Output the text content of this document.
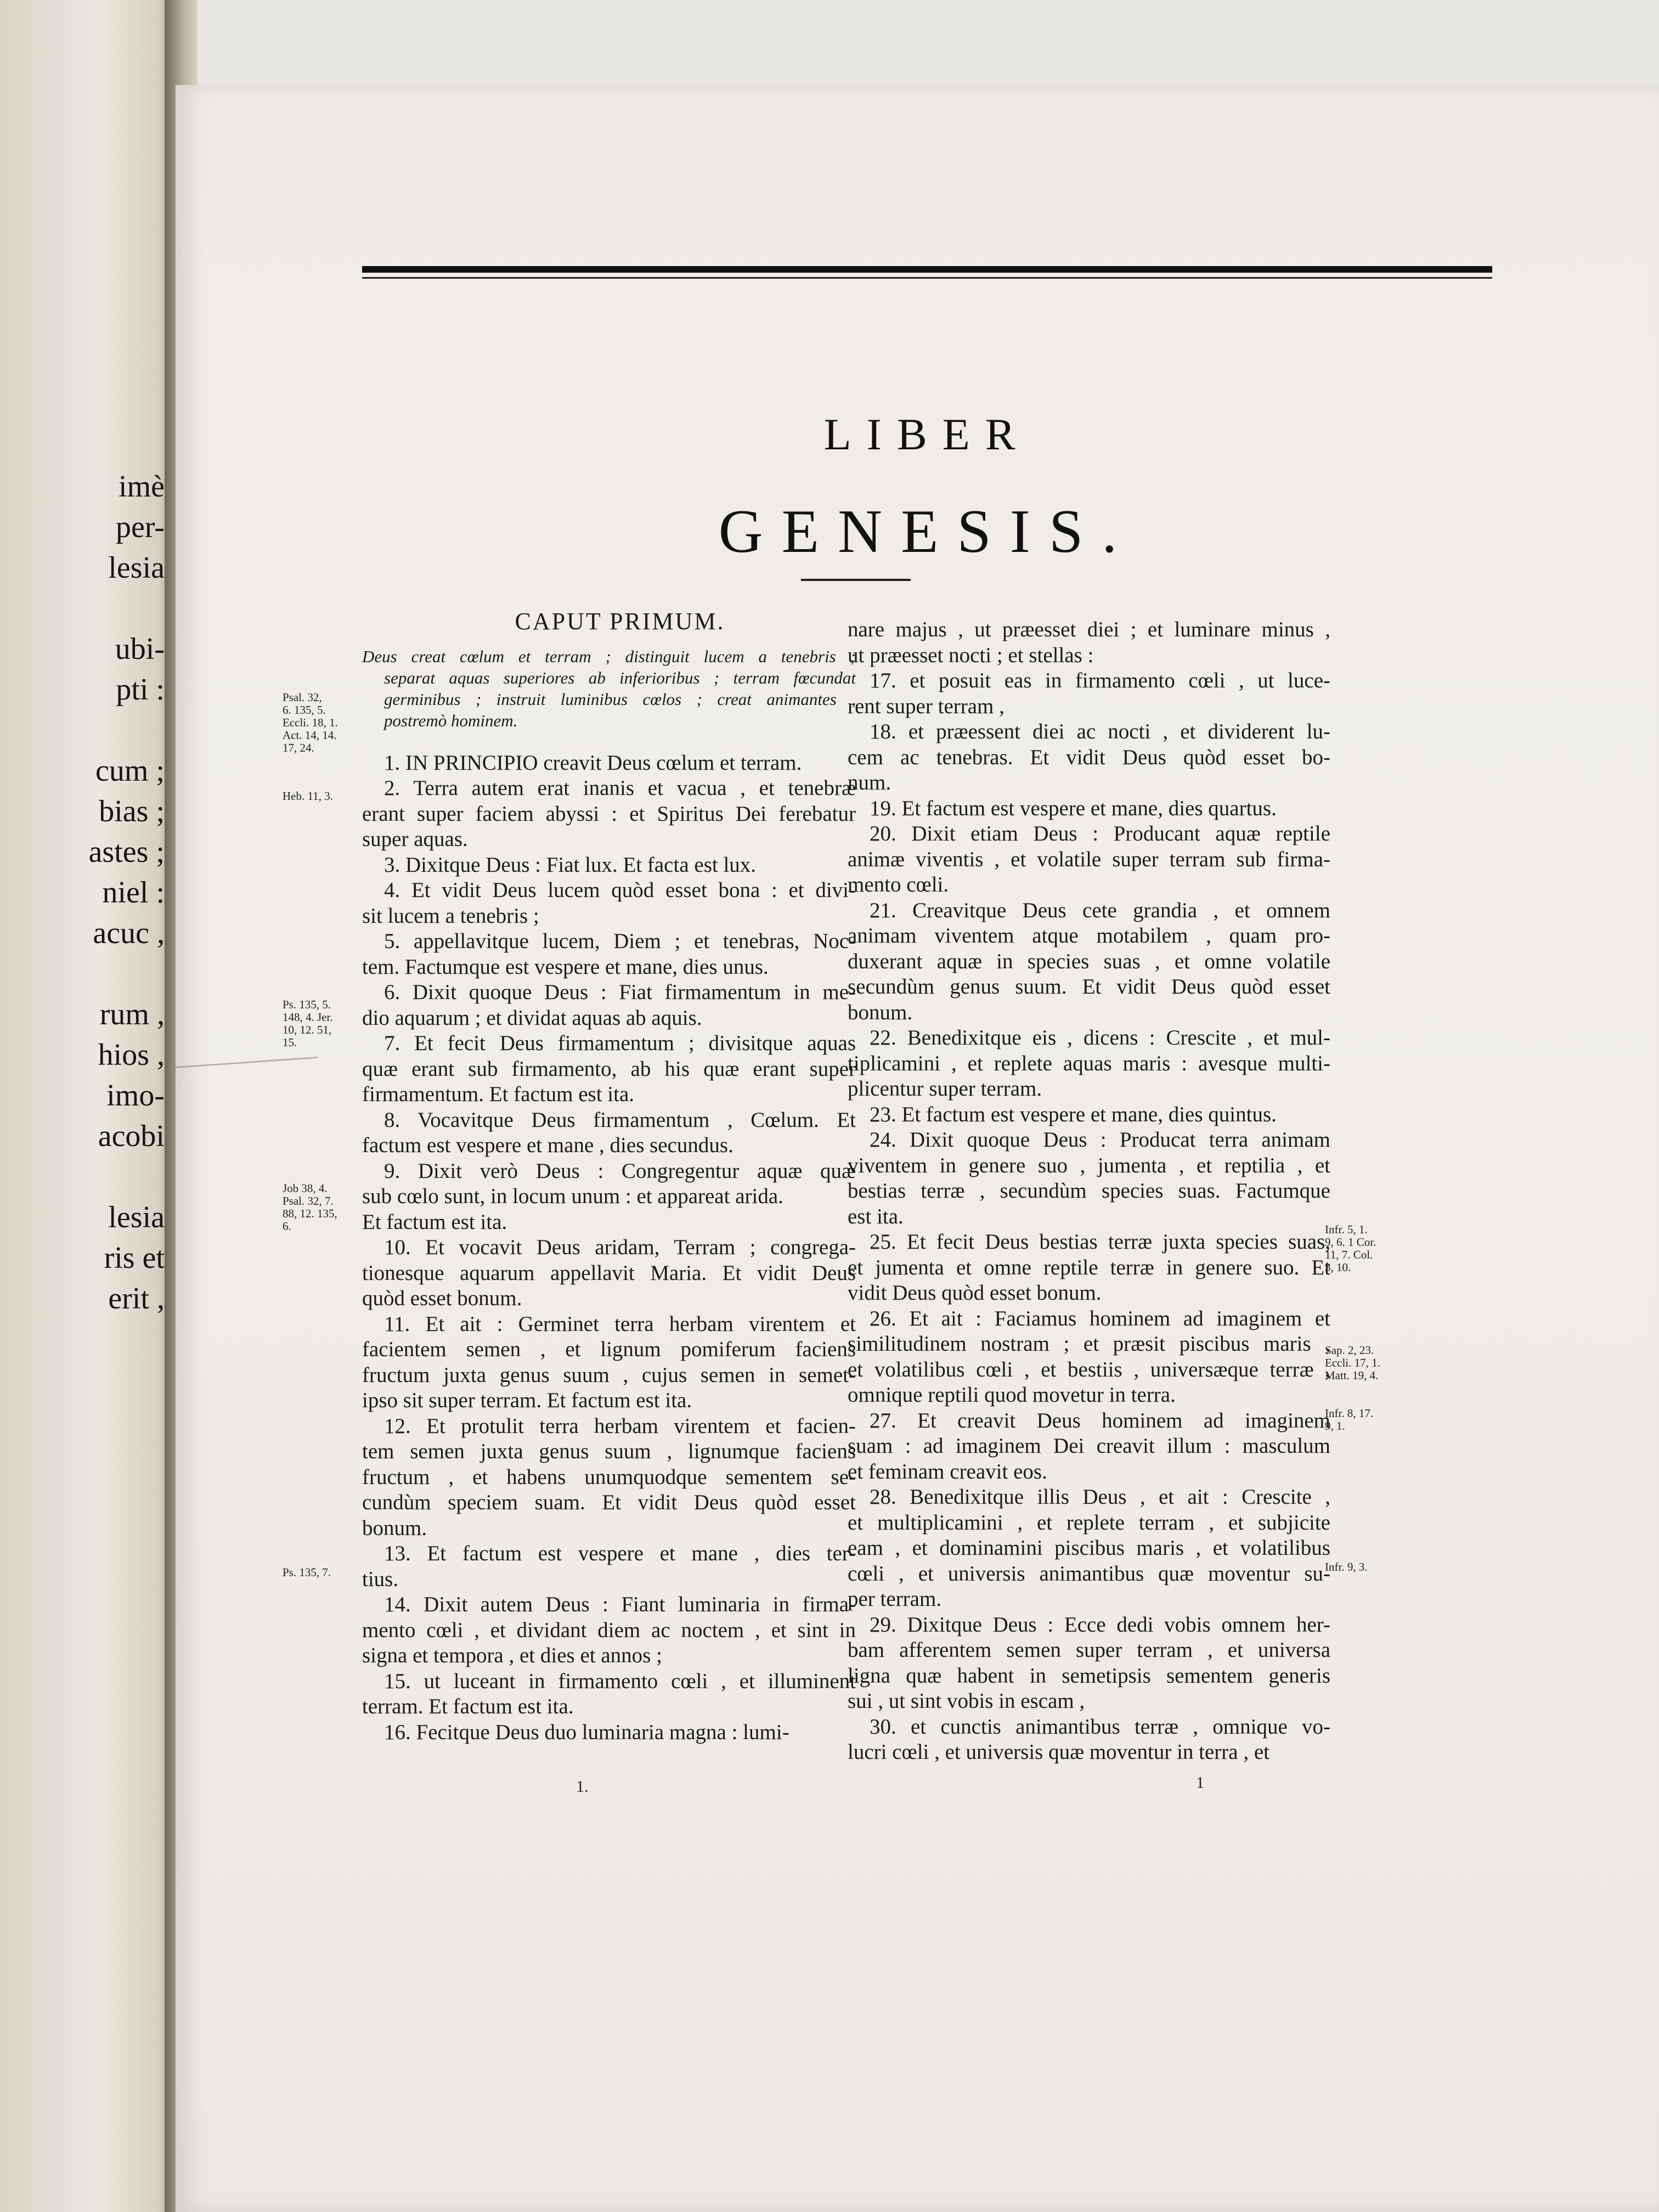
imè
per-
lesia

ubi-
pti :

cum ;
bias ;
astes ;
niel :
acuc ,

rum ,
hios ,
imo-
acobi

lesia
ris et
erit ,
LIBER
GENESIS.
CAPUT PRIMUM.
Deus creat cœlum et terram ; distinguit lucem a tenebris ;
separat aquas superiores ab inferioribus ; terram fœcundat
germinibus ; instruit luminibus cœlos ; creat animantes ,
postremò hominem.
1. IN PRINCIPIO creavit Deus cœlum et terram.
2. Terra autem erat inanis et vacua , et tenebræ
erant super faciem abyssi : et Spiritus Dei ferebatur
super aquas.
3. Dixitque Deus : Fiat lux. Et facta est lux.
4. Et vidit Deus lucem quòd esset bona : et divi-
sit lucem a tenebris ;
5. appellavitque lucem, Diem ; et tenebras, Noc-
tem. Factumque est vespere et mane, dies unus.
6. Dixit quoque Deus : Fiat firmamentum in me-
dio aquarum ; et dividat aquas ab aquis.
7. Et fecit Deus firmamentum ; divisitque aquas
quæ erant sub firmamento, ab his quæ erant super
firmamentum. Et factum est ita.
8. Vocavitque Deus firmamentum , Cœlum. Et
factum est vespere et mane , dies secundus.
9. Dixit verò Deus : Congregentur aquæ quæ
sub cœlo sunt, in locum unum : et appareat arida.
Et factum est ita.
10. Et vocavit Deus aridam, Terram ; congrega-
tionesque aquarum appellavit Maria. Et vidit Deus
quòd esset bonum.
11. Et ait : Germinet terra herbam virentem et
facientem semen , et lignum pomiferum faciens
fructum juxta genus suum , cujus semen in semet-
ipso sit super terram. Et factum est ita.
12. Et protulit terra herbam virentem et facien-
tem semen juxta genus suum , lignumque faciens
fructum , et habens unumquodque sementem se-
cundùm speciem suam. Et vidit Deus quòd esset
bonum.
13. Et factum est vespere et mane , dies ter-
tius.
14. Dixit autem Deus : Fiant luminaria in firma-
mento cœli , et dividant diem ac noctem , et sint in
signa et tempora , et dies et annos ;
15. ut luceant in firmamento cœli , et illuminent
terram. Et factum est ita.
16. Fecitque Deus duo luminaria magna : lumi-
nare majus , ut præesset diei ; et luminare minus ,
ut præesset nocti ; et stellas :
17. et posuit eas in firmamento cœli , ut luce-
rent super terram ,
18. et præessent diei ac nocti , et dividerent lu-
cem ac tenebras. Et vidit Deus quòd esset bo-
num.
19. Et factum est vespere et mane, dies quartus.
20. Dixit etiam Deus : Producant aquæ reptile
animæ viventis , et volatile super terram sub firma-
mento cœli.
21. Creavitque Deus cete grandia , et omnem
animam viventem atque motabilem , quam pro-
duxerant aquæ in species suas , et omne volatile
secundùm genus suum. Et vidit Deus quòd esset
bonum.
22. Benedixitque eis , dicens : Crescite , et mul-
tiplicamini , et replete aquas maris : avesque multi-
plicentur super terram.
23. Et factum est vespere et mane, dies quintus.
24. Dixit quoque Deus : Producat terra animam
viventem in genere suo , jumenta , et reptilia , et
bestias terræ , secundùm species suas. Factumque
est ita.
25. Et fecit Deus bestias terræ juxta species suas,
et jumenta et omne reptile terræ in genere suo. Et
vidit Deus quòd esset bonum.
26. Et ait : Faciamus hominem ad imaginem et
similitudinem nostram ; et præsit piscibus maris ,
et volatilibus cœli , et bestiis , universæque terræ ,
omnique reptili quod movetur in terra.
27. Et creavit Deus hominem ad imaginem
suam : ad imaginem Dei creavit illum : masculum
et feminam creavit eos.
28. Benedixitque illis Deus , et ait : Crescite ,
et multiplicamini , et replete terram , et subjicite
eam , et dominamini piscibus maris , et volatilibus
cœli , et universis animantibus quæ moventur su-
per terram.
29. Dixitque Deus : Ecce dedi vobis omnem her-
bam afferentem semen super terram , et universa
ligna quæ habent in semetipsis sementem generis
sui , ut sint vobis in escam ,
30. et cunctis animantibus terræ , omnique vo-
lucri cœli , et universis quæ moventur in terra , et
1.	1
Psal. 32,
6. 135, 5.
Eccli. 18, 1.
Act. 14, 14.
17, 24.
Heb. 11, 3.
Ps. 135, 5.
148, 4. Jer.
10, 12. 51,
15.
Job 38, 4.
Psal. 32, 7.
88, 12. 135,
6.
Ps. 135, 7.
Infr. 5, 1.
9, 6. 1 Cor.
11, 7. Col.
3, 10.
Sap. 2, 23.
Eccli. 17, 1.
Matt. 19, 4.
Infr. 8, 17.
9, 1.
Infr. 9, 3.
